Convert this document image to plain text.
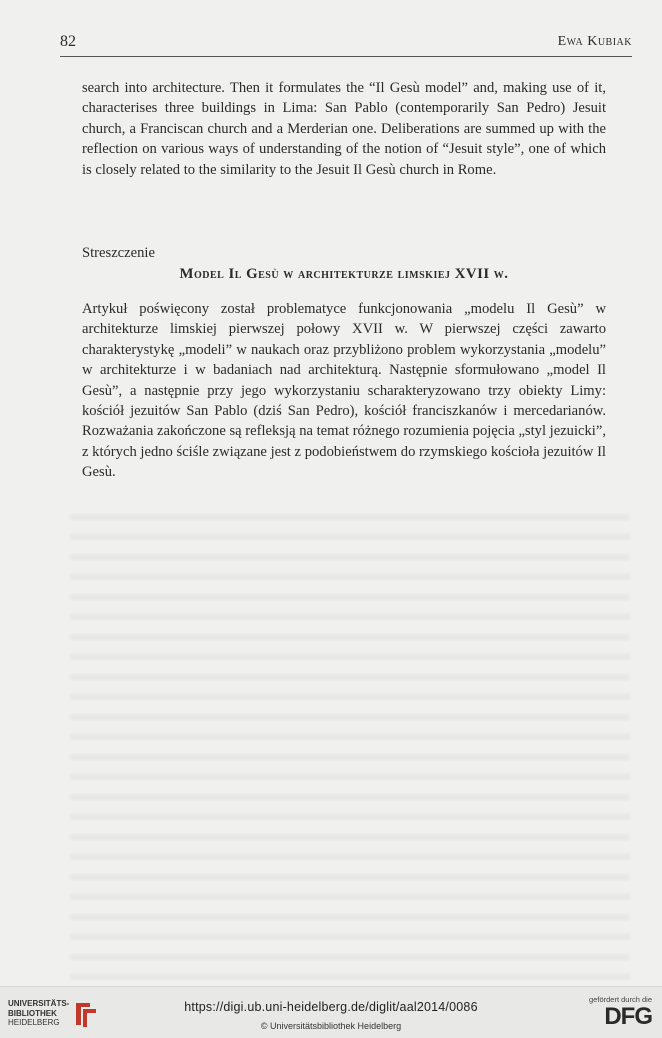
82	Ewa Kubiak

search into architecture. Then it formulates the “Il Gesù model” and, making use of it, characterises three buildings in Lima: San Pablo (contemporarily San Pedro) Jesuit church, a Franciscan church and a Merderian one. Deliberations are summed up with the reflection on various ways of understanding of the notion of “Jesuit style”, one of which is closely related to the similarity to the Jesuit Il Gesù church in Rome.

Streszczenie
Model Il Gesù w architekturze limskiej XVII w.

Artykuł poświęcony został problematyce funkcjonowania „modelu Il Gesù” w architekturze limskiej pierwszej połowy XVII w. W pierwszej części zawarto charakterystykę „modeli” w naukach oraz przybliżono problem wykorzystania „modelu” w architekturze i w badaniach nad architekturą. Następnie sformułowano „model Il Gesù”, a następnie przy jego wykorzystaniu scharakteryzowano trzy obiekty Limy: kościół jezuitów San Pablo (dziś San Pedro), kościół franciszkanów i mercedarianów. Rozważania zakończone są refleksją na temat różnego rozumienia pojęcia „styl jezuicki”, z których jedno ściśle związane jest z podobieństwem do rzymskiego kościoła jezuitów Il Gesù.

UNIVERSITÄTS-
BIBLIOTHEK
HEIDELBERG
https://digi.ub.uni-heidelberg.de/diglit/aal2014/0086
© Universitätsbibliothek Heidelberg
gefördert durch die
DFG
